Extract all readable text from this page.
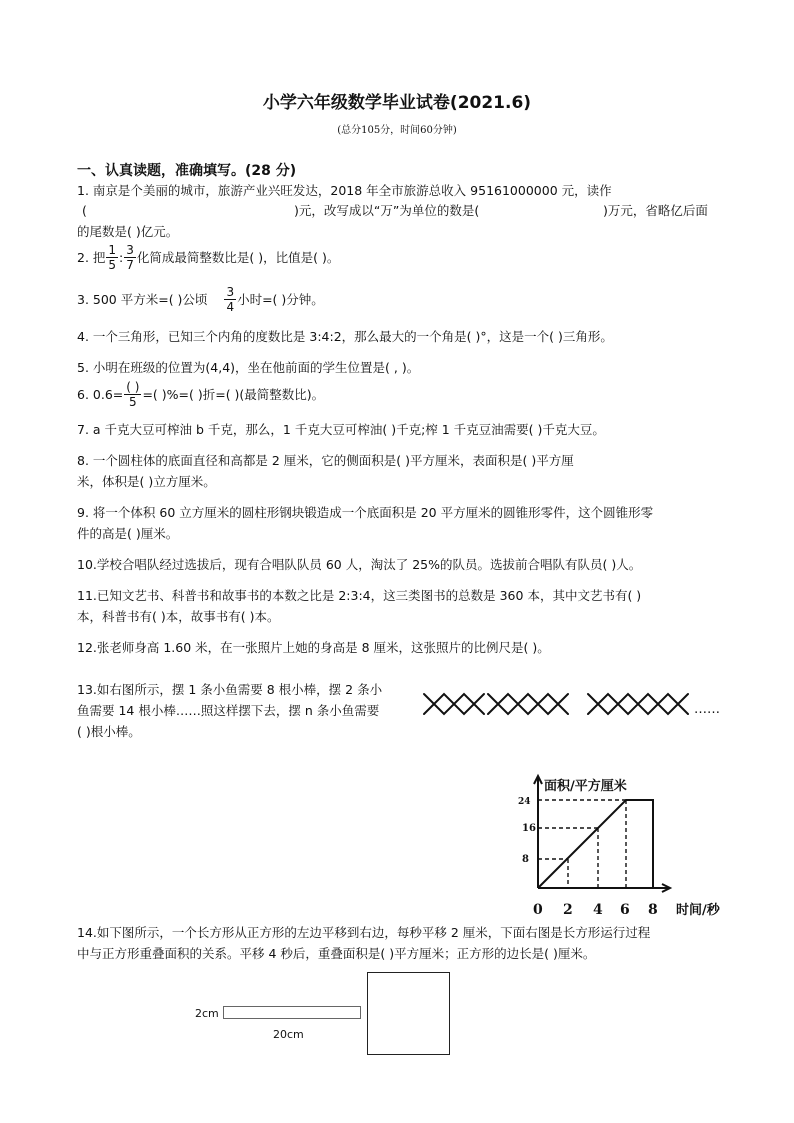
小学六年级数学毕业试卷(2021.6)
(总分105分，时间60分钟)
一、认真读题，准确填写。(28 分)
1. 南京是个美丽的城市，旅游产业兴旺发达，2018 年全市旅游总收入 95161000000 元，读作
(	)元，改写成以“万”为单位的数是(	)万元，省略亿后面
的尾数是( )亿元。
2. 把 $\frac{1}{5}$ : $\frac{3}{7}$ 化简成最简整数比是( )，比值是( )。
3. 500 平方米=( )公顷 $\frac{3}{4}$ 小时=( )分钟。
4. 一个三角形，已知三个内角的度数比是 3:4:2，那么最大的一个角是( )°，这是一个( )三角形。
5. 小明在班级的位置为(4,4)，坐在他前面的学生位置是( , )。
6. $0.6= \frac{( )}{5}$ =( )%=( )折=( )(最简整数比)。
7. a 千克大豆可榨油 b 千克，那么，1 千克大豆可榨油( )千克;榨 1 千克豆油需要( )千克大豆。
8. 一个圆柱体的底面直径和高都是 2 厘米，它的侧面积是( )平方厘米，表面积是( )平方厘
米，体积是( )立方厘米。
9. 将一个体积 60 立方厘米的圆柱形钢块锻造成一个底面积是 20 平方厘米的圆锥形零件，这个圆锥形零
件的高是( )厘米。
10.学校合唱队经过选拔后，现有合唱队队员 60 人，淘汰了 25%的队员。选拔前合唱队有队员( )人。
11.已知文艺书、科普书和故事书的本数之比是 2:3:4，这三类图书的总数是 360 本，其中文艺书有( )
本，科普书有( )本，故事书有( )本。
12.张老师身高 1.60 米，在一张照片上她的身高是 8 厘米，这张照片的比例尺是( )。
13.如右图所示，摆 1 条小鱼需要 8 根小棒，摆 2 条小
鱼需要 14 根小棒……照这样摆下去，摆 n 条小鱼需要
( )根小棒。
……
面积/平方厘米
时间/秒
24
16
8
0 2 4 6 8
14.如下图所示，一个长方形从正方形的左边平移到右边，每秒平移 2 厘米，下面右图是长方形运行过程
中与正方形重叠面积的关系。平移 4 秒后，重叠面积是( )平方厘米；正方形的边长是( )厘米。
2cm
20cm
